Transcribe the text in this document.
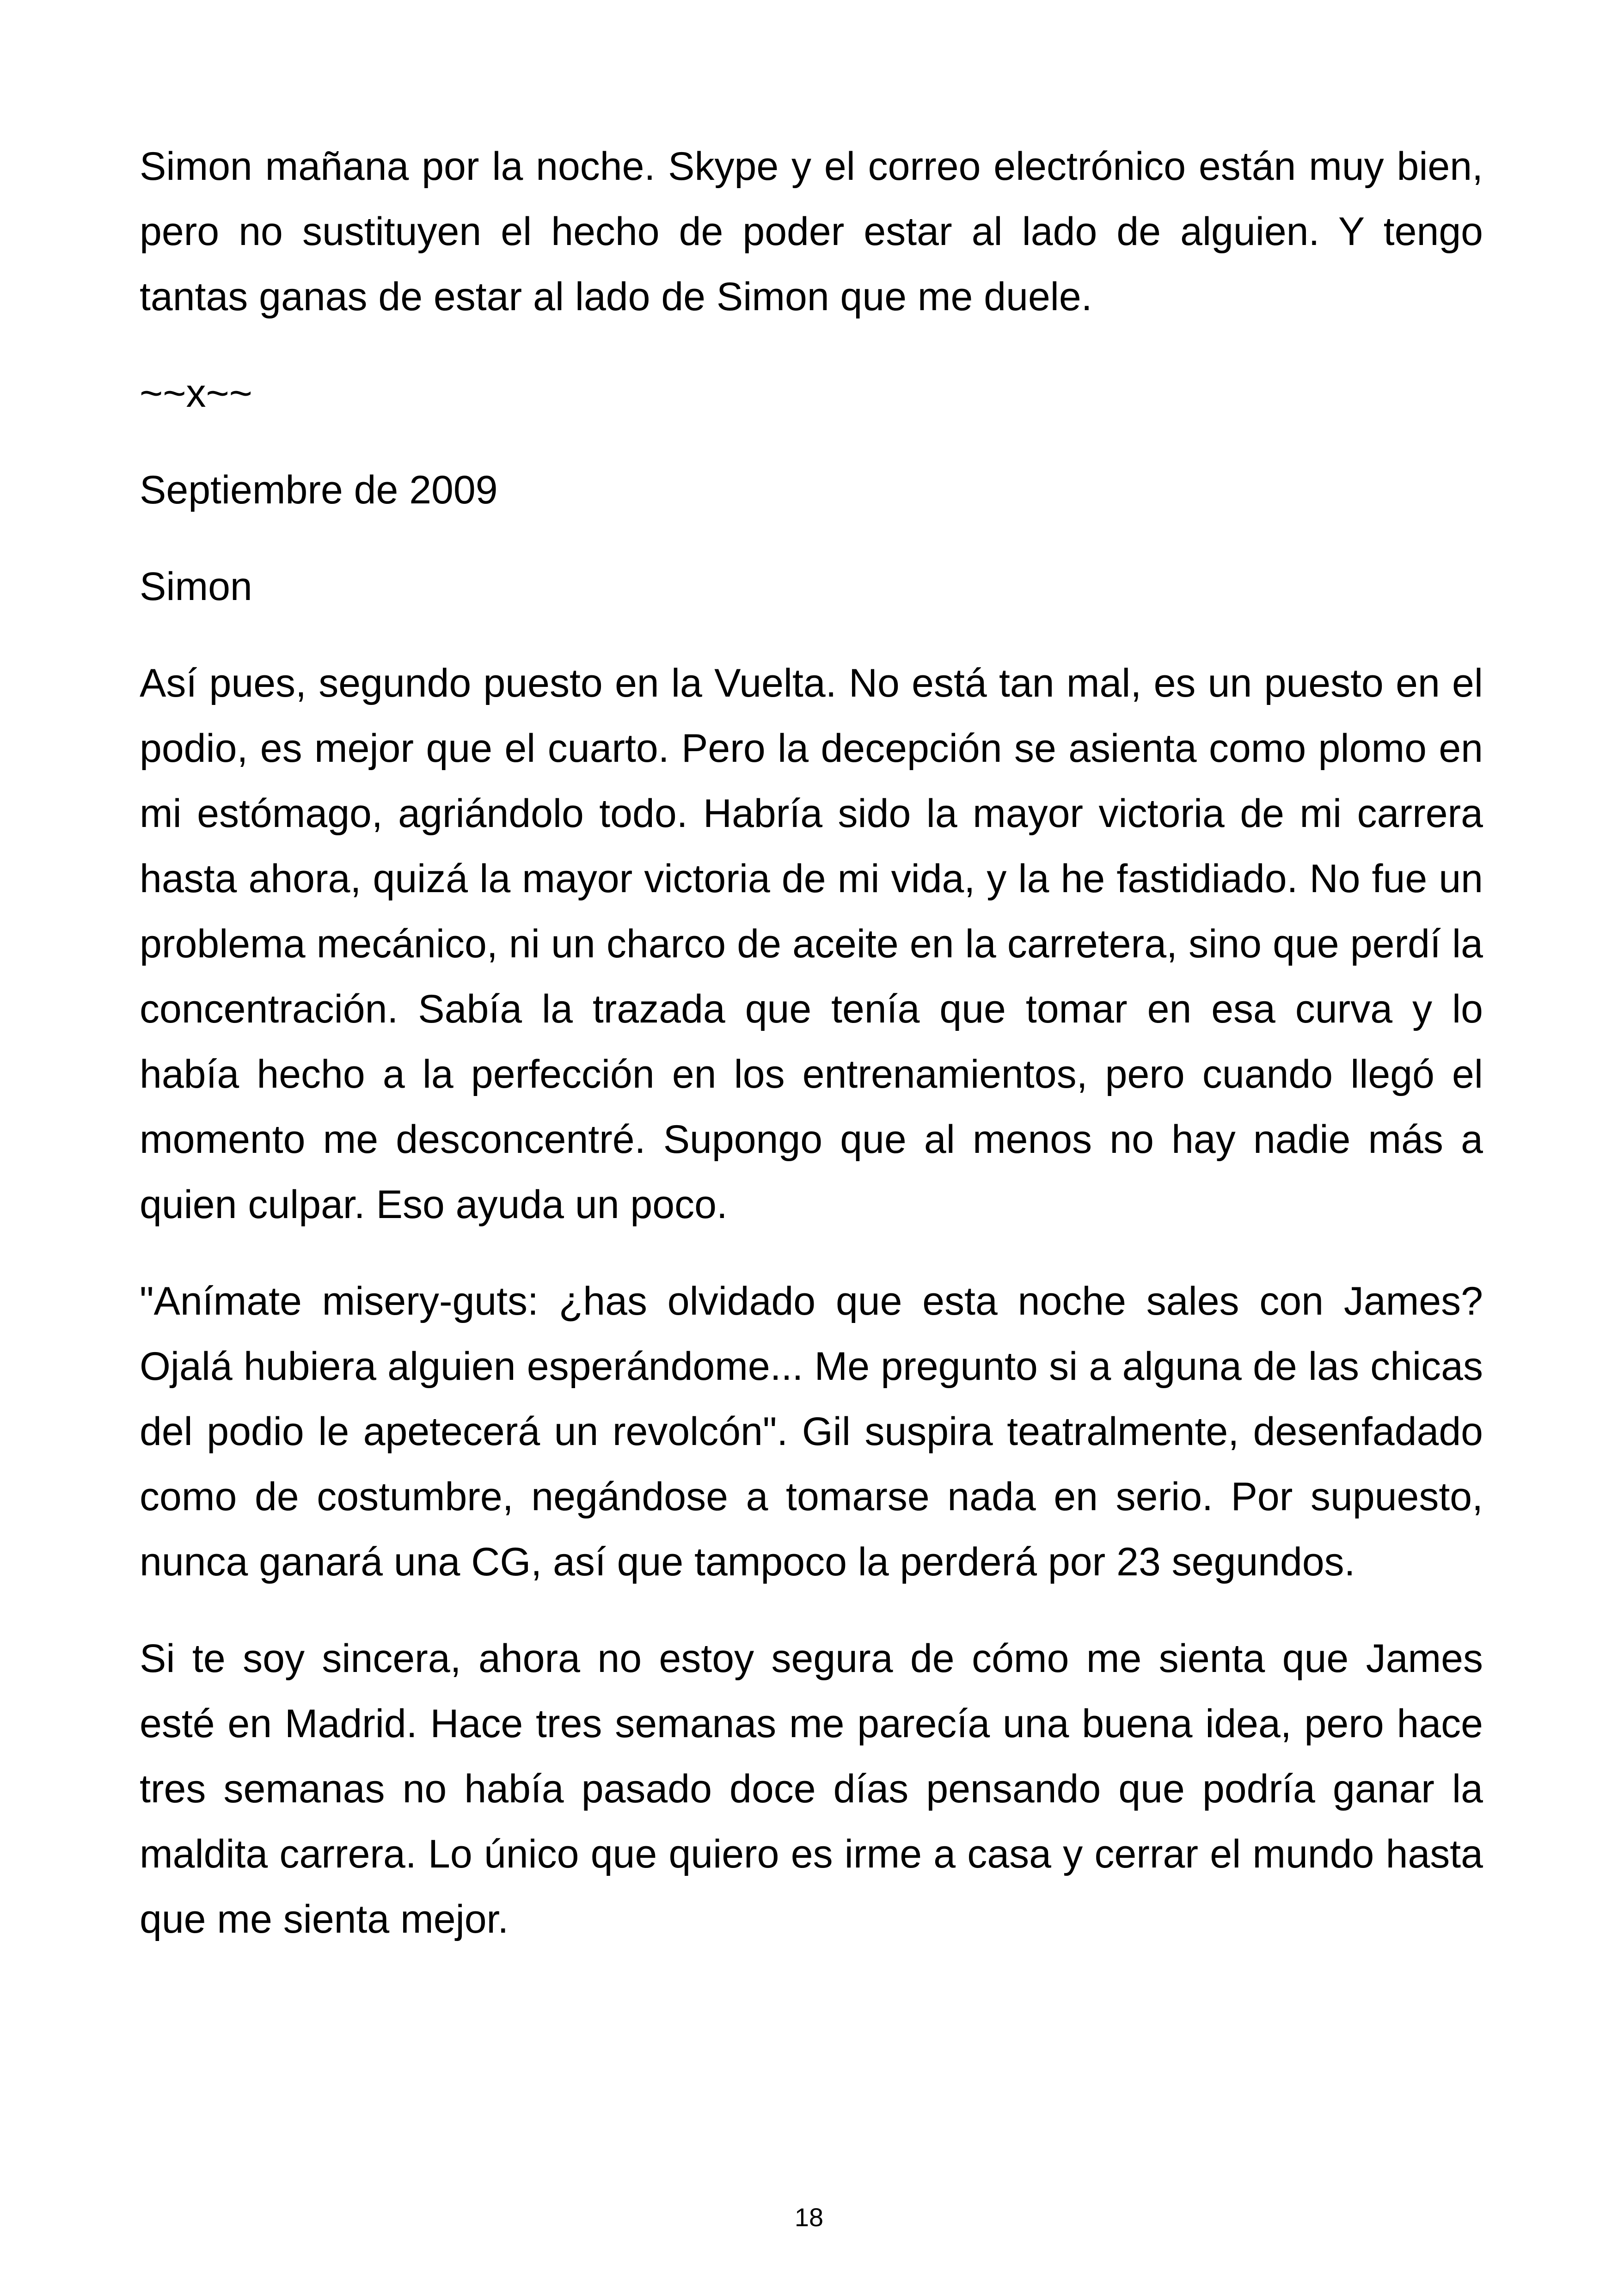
Simon mañana por la noche. Skype y el correo electrónico están muy bien, pero no sustituyen el hecho de poder estar al lado de alguien. Y tengo tantas ganas de estar al lado de Simon que me duele.

~~x~~

Septiembre de 2009

Simon

Así pues, segundo puesto en la Vuelta. No está tan mal, es un puesto en el podio, es mejor que el cuarto. Pero la decepción se asienta como plomo en mi estómago, agriándolo todo. Habría sido la mayor victoria de mi carrera hasta ahora, quizá la mayor victoria de mi vida, y la he fastidiado. No fue un problema mecánico, ni un charco de aceite en la carretera, sino que perdí la concentración. Sabía la trazada que tenía que tomar en esa curva y lo había hecho a la perfección en los entrenamientos, pero cuando llegó el momento me desconcentré. Supongo que al menos no hay nadie más a quien culpar. Eso ayuda un poco.

"Anímate misery-guts: ¿has olvidado que esta noche sales con James? Ojalá hubiera alguien esperándome... Me pregunto si a alguna de las chicas del podio le apetecerá un revolcón". Gil suspira teatralmente, desenfadado como de costumbre, negándose a tomarse nada en serio. Por supuesto, nunca ganará una CG, así que tampoco la perderá por 23 segundos.

Si te soy sincera, ahora no estoy segura de cómo me sienta que James esté en Madrid. Hace tres semanas me parecía una buena idea, pero hace tres semanas no había pasado doce días pensando que podría ganar la maldita carrera. Lo único que quiero es irme a casa y cerrar el mundo hasta que me sienta mejor.

18
